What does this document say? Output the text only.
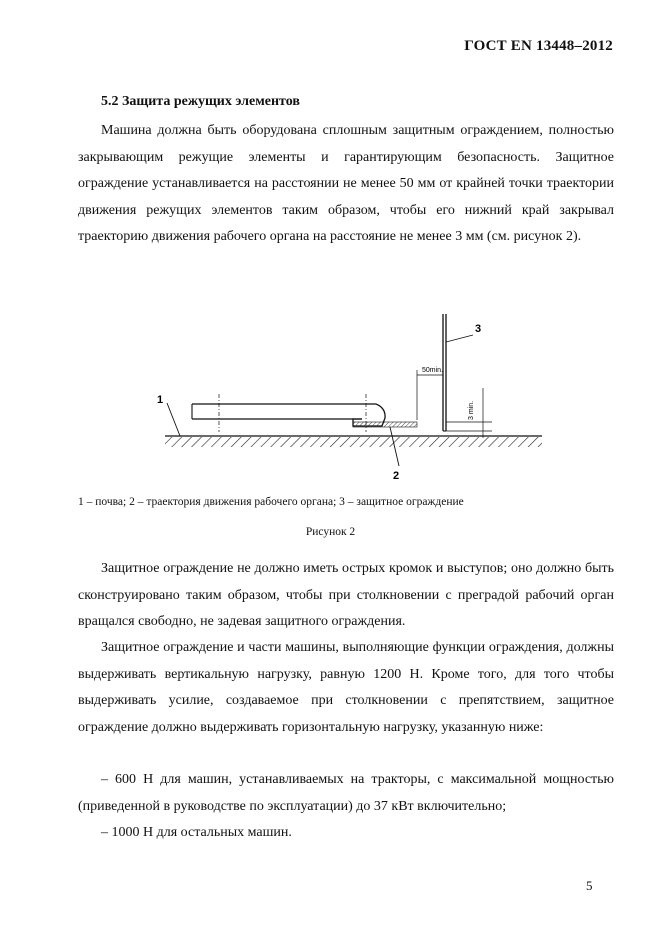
ГОСТ EN 13448–2012
5.2 Защита режущих элементов

Машина должна быть оборудована сплошным защитным ограждением, полностью закрывающим режущие элементы и гарантирующим безопасность. Защитное ограждение устанавливается на расстоянии не менее 50 мм от крайней точки траектории движения режущих элементов таким образом, чтобы его нижний край закрывал траекторию движения рабочего органа на расстояние не менее 3 мм (см. рисунок 2).

50min.
3 min.
1
2
3
1 – почва; 2 – траектория движения рабочего органа; 3 – защитное ограждение
Рисунок 2

Защитное ограждение не должно иметь острых кромок и выступов; оно должно быть сконструировано таким образом, чтобы при столкновении с преградой рабочий орган вращался свободно, не задевая защитного ограждения.

Защитное ограждение и части машины, выполняющие функции ограждения, должны выдерживать вертикальную нагрузку, равную 1200 Н. Кроме того, для того чтобы выдерживать усилие, создаваемое при столкновении с препятствием, защитное ограждение должно выдерживать горизонтальную нагрузку, указанную ниже:

– 600 Н для машин, устанавливаемых на тракторы, с максимальной мощностью (приведенной в руководстве по эксплуатации) до 37 кВт включительно;

– 1000 Н для остальных машин.

5
